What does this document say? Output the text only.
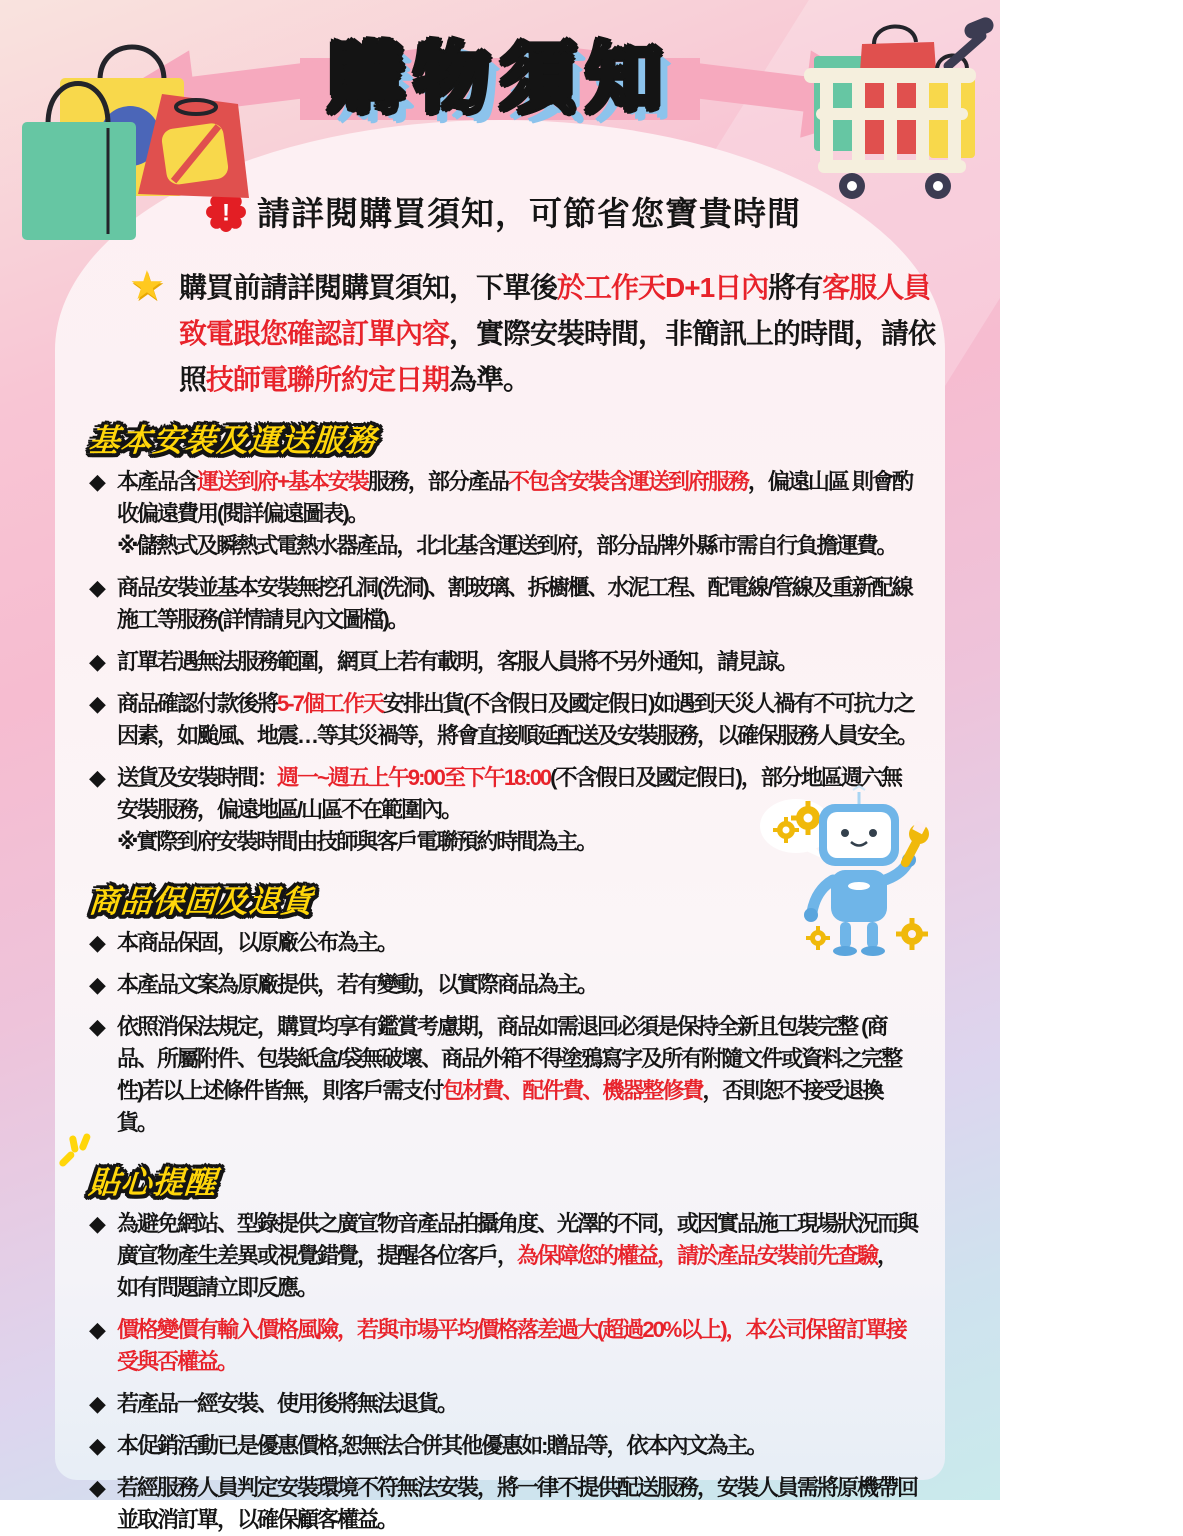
購物須知
! 請詳閱購買須知，可節省您寶貴時間
★ 購買前請詳閱購買須知，下單後於工作天D+1日內將有客服人員致電跟您確認訂單內容，實際安裝時間，非簡訊上的時間，請依照技師電聯所約定日期為準。
基本安裝及運送服務
◆ 本產品含運送到府+基本安裝服務，部分產品不包含安裝含運送到府服務，偏遠山區 則會酌收偏遠費用(閱詳偏遠圖表)。
※儲熱式及瞬熱式電熱水器產品，北北基含運送到府，部分品牌外縣市需自行負擔運費。
◆ 商品安裝並基本安裝無挖孔洞(洗洞)、割玻璃、拆櫥櫃、水泥工程、配電線/管線及重新配線施工等服務(詳情請見內文圖檔)。
◆ 訂單若遇無法服務範圍，網頁上若有載明，客服人員將不另外通知，請見諒。
◆ 商品確認付款後將5-7個工作天安排出貨(不含假日及國定假日)如遇到天災人禍有不可抗力之因素，如颱風、地震…等其災禍等，將會直接順延配送及安裝服務，以確保服務人員安全。
◆ 送貨及安裝時間：週一~週五上午9:00至下午18:00(不含假日及國定假日)，部分地區週六無安裝服務，偏遠地區/山區不在範圍內。
※實際到府安裝時間由技師與客戶電聯預約時間為主。
商品保固及退貨
◆ 本商品保固，以原廠公布為主。
◆ 本產品文案為原廠提供，若有變動，以實際商品為主。
◆ 依照消保法規定，購買均享有鑑賞考慮期，商品如需退回必須是保持全新且包裝完整 (商品、所屬附件、包裝紙盒/袋無破壞、商品外箱不得塗鴉寫字及所有附隨文件或資料之完整性)若以上述條件皆無，則客戶需支付包材費、配件費、機器整修費，否則恕不接受退換貨。
貼心提醒
◆ 為避免網站、型錄提供之廣宣物音產品拍攝角度、光澤的不同，或因實品施工現場狀況而與廣宣物產生差異或視覺錯覺，提醒各位客戶，為保障您的權益，請於產品安裝前先查驗，如有問題請立即反應。
◆ 價格變價有輸入價格風險，若與市場平均價格落差過大(超過20%以上)，本公司保留訂單接受與否權益。
◆ 若產品一經安裝、使用後將無法退貨。
◆ 本促銷活動已是優惠價格,恕無法合併其他優惠如:贈品等，依本內文為主。
◆ 若經服務人員判定安裝環境不符無法安裝，將一律不提供配送服務，安裝人員需將原機帶回並取消訂單，以確保顧客權益。
